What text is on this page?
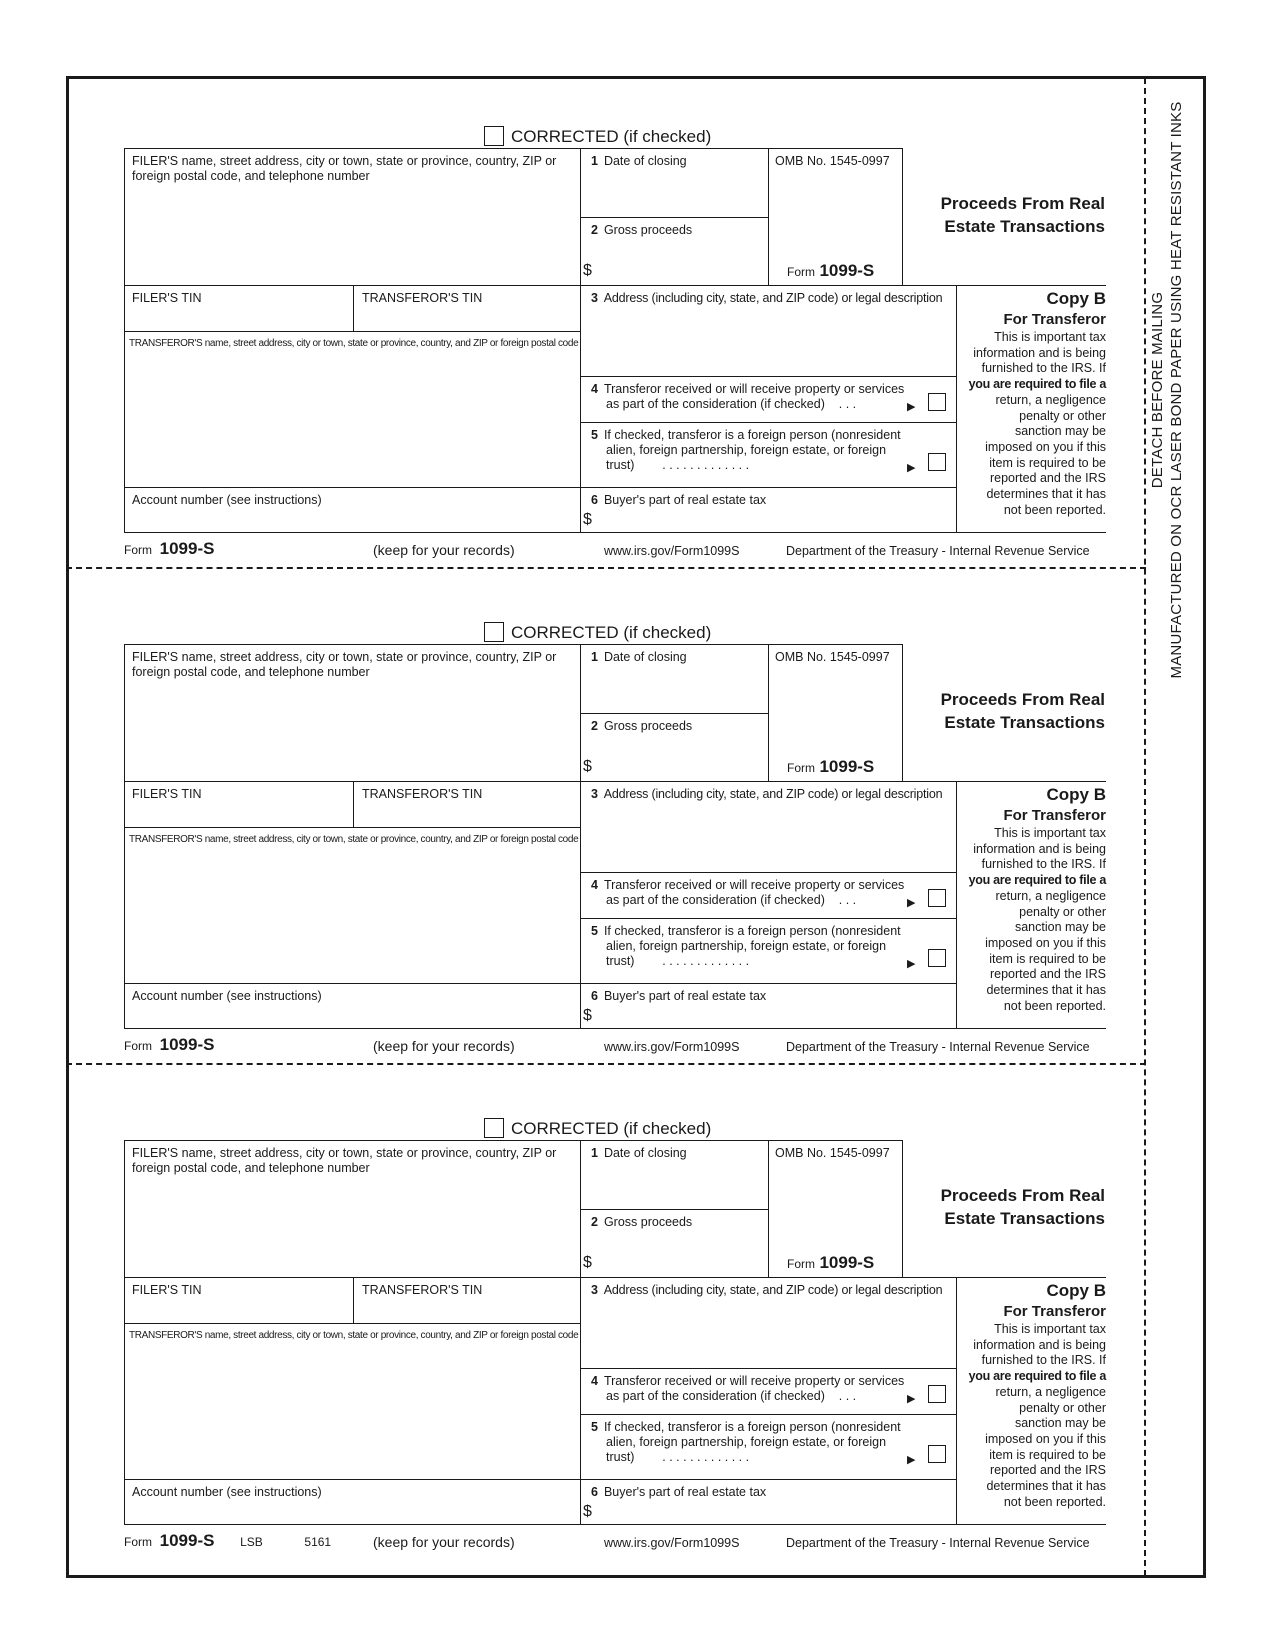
DETACH BEFORE MAILING MANUFACTURED ON OCR LASER BOND PAPER USING HEAT RESISTANT INKS
CORRECTED (if checked)
FILER'S name, street address, city or town, state or province, country, ZIP or foreign postal code, and telephone number
1 Date of closing
2 Gross proceeds
$
OMB No. 1545-0997
Form 1099-S
Proceeds From Real
Estate Transactions
FILER'S TIN	TRANSFEROR'S TIN
TRANSFEROR'S name, street address, city or town, state or province, country, and ZIP or foreign postal code
Account number (see instructions)
3 Address (including city, state, and ZIP code) or legal description
4 Transferor received or will receive property or services
as part of the consideration (if checked) . . .	▶
5 If checked, transferor is a foreign person (nonresident
alien, foreign partnership, foreign estate, or foreign
trust) . . . . . . . . . . . . .	▶
6 Buyer's part of real estate tax
$
Copy B
For Transferor
This is important tax
information and is being
furnished to the IRS. If
you are required to file a
return, a negligence
penalty or other
sanction may be
imposed on you if this
item is required to be
reported and the IRS
determines that it has
not been reported.
Form 1099-S	(keep for your records)	www.irs.gov/Form1099S	Department of the Treasury - Internal Revenue Service
CORRECTED (if checked)
FILER'S name, street address, city or town, state or province, country, ZIP or foreign postal code, and telephone number
1 Date of closing
2 Gross proceeds
$
OMB No. 1545-0997
Form 1099-S
Proceeds From Real
Estate Transactions
FILER'S TIN	TRANSFEROR'S TIN
TRANSFEROR'S name, street address, city or town, state or province, country, and ZIP or foreign postal code
Account number (see instructions)
3 Address (including city, state, and ZIP code) or legal description
4 Transferor received or will receive property or services
as part of the consideration (if checked) . . .	▶
5 If checked, transferor is a foreign person (nonresident
alien, foreign partnership, foreign estate, or foreign
trust) . . . . . . . . . . . . .	▶
6 Buyer's part of real estate tax
$
Copy B
For Transferor
This is important tax
information and is being
furnished to the IRS. If
you are required to file a
return, a negligence
penalty or other
sanction may be
imposed on you if this
item is required to be
reported and the IRS
determines that it has
not been reported.
Form 1099-S	(keep for your records)	www.irs.gov/Form1099S	Department of the Treasury - Internal Revenue Service
CORRECTED (if checked)
FILER'S name, street address, city or town, state or province, country, ZIP or foreign postal code, and telephone number
1 Date of closing
2 Gross proceeds
$
OMB No. 1545-0997
Form 1099-S
Proceeds From Real
Estate Transactions
FILER'S TIN	TRANSFEROR'S TIN
TRANSFEROR'S name, street address, city or town, state or province, country, and ZIP or foreign postal code
Account number (see instructions)
3 Address (including city, state, and ZIP code) or legal description
4 Transferor received or will receive property or services
as part of the consideration (if checked) . . .	▶
5 If checked, transferor is a foreign person (nonresident
alien, foreign partnership, foreign estate, or foreign
trust) . . . . . . . . . . . . .	▶
6 Buyer's part of real estate tax
$
Copy B
For Transferor
This is important tax
information and is being
furnished to the IRS. If
you are required to file a
return, a negligence
penalty or other
sanction may be
imposed on you if this
item is required to be
reported and the IRS
determines that it has
not been reported.
Form 1099-S LSB	5161	(keep for your records)	www.irs.gov/Form1099S	Department of the Treasury - Internal Revenue Service
